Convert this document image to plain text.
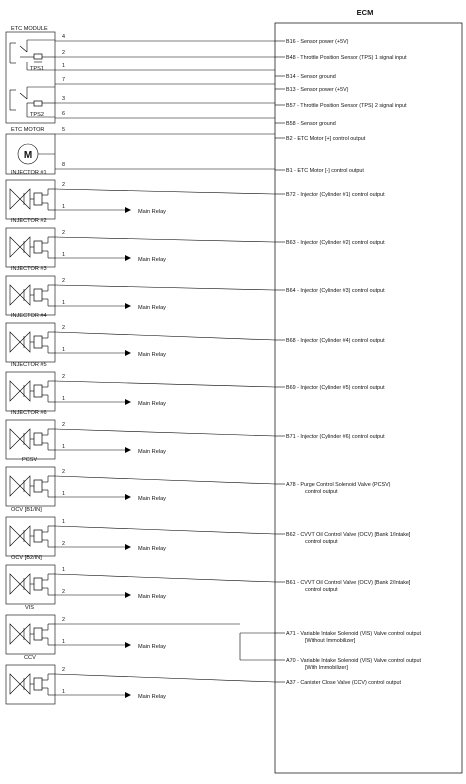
ECM
ETC MODULE
TPS1
TPS2
ETC MOTOR
M
4
2
1
7
3
6
5
8
B16 - Sensor power (+5V)
B48 - Throttle Position Sensor (TPS) 1 signal input
B14 - Sensor ground
B13 - Sensor power (+5V)
B57 - Throttle Position Sensor (TPS) 2 signal input
B58 - Sensor ground
B2 - ETC Motor [+] control output
B1 - ETC Motor [-] control output
B72 - Injector (Cylinder #1) control output
B63 - Injector (Cylinder #2) control output
B64 - Injector (Cylinder #3) control output
B68 - Injector (Cylinder #4) control output
B69 - Injector (Cylinder #5) control output
B71 - Injector (Cylinder #6) control output
A78 - Purge Control Solenoid Valve (PCSV)
control output
B62 - CVVT Oil Control Valve (OCV) [Bank 1/Intake]
control output
B61 - CVVT Oil Control Valve (OCV) [Bank 2/Intake]
control output
A71 - Variable Intake Solenoid (VIS) Valve control output
[Without Immobilizer]
A70 - Variable Intake Solenoid (VIS) Valve control output
[With Immobilizer]
A37 - Canister Close Valve (CCV) control output
INJECTOR #1
2
1
Main Relay
INJECTOR #2
2
1
Main Relay
INJECTOR #3
2
1
Main Relay
INJECTOR #4
2
1
Main Relay
INJECTOR #5
2
1
Main Relay
INJECTOR #6
2
1
Main Relay
PCSV
2
1
Main Relay
OCV [B1/IN]
1
2
Main Relay
OCV [B2/IN]
1
2
Main Relay
VIS
2
1
Main Relay
CCV
2
1
Main Relay
